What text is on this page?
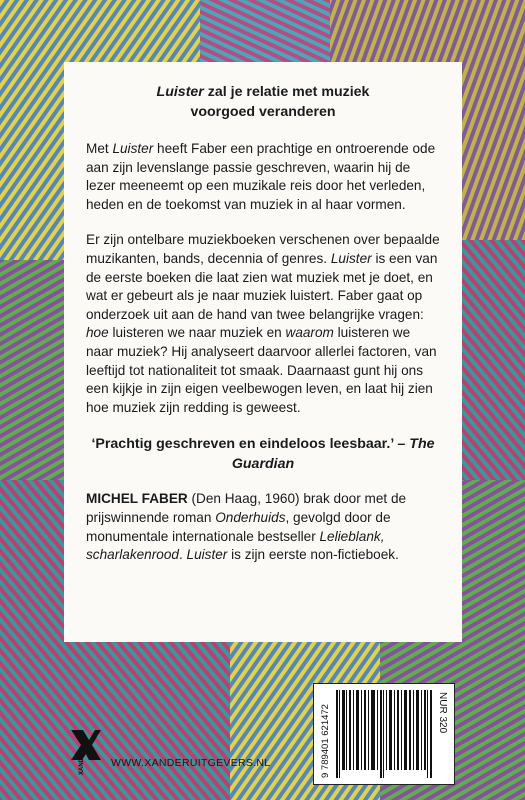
Luister zal je relatie met muziek
voorgoed veranderen

Met Luister heeft Faber een prachtige en ontroerende ode aan zijn levenslange passie geschreven, waarin hij de lezer meeneemt op een muzikale reis door het verleden, heden en de toekomst van muziek in al haar vormen.

Er zijn ontelbare muziekboeken verschenen over bepaalde muzikanten, bands, decennia of genres. Luister is een van de eerste boeken die laat zien wat muziek met je doet, en wat er gebeurt als je naar muziek luistert. Faber gaat op onderzoek uit aan de hand van twee belangrijke vragen: hoe luisteren we naar muziek en waarom luisteren we naar muziek? Hij analyseert daarvoor allerlei factoren, van leeftijd tot nationaliteit tot smaak. Daarnaast gunt hij ons een kijkje in zijn eigen veelbewogen leven, en laat hij zien hoe muziek zijn redding is geweest.

‘Prachtig geschreven en eindeloos leesbaar.’ – The Guardian

MICHEL FABER (Den Haag, 1960) brak door met de prijswinnende roman Onderhuids, gevolgd door de monumentale internationale bestseller Lelieblank, scharlakenrood. Luister is zijn eerste non-fictieboek.

9 789401 621472	NUR 320
XANDER WWW.XANDERUITGEVERS.NL
